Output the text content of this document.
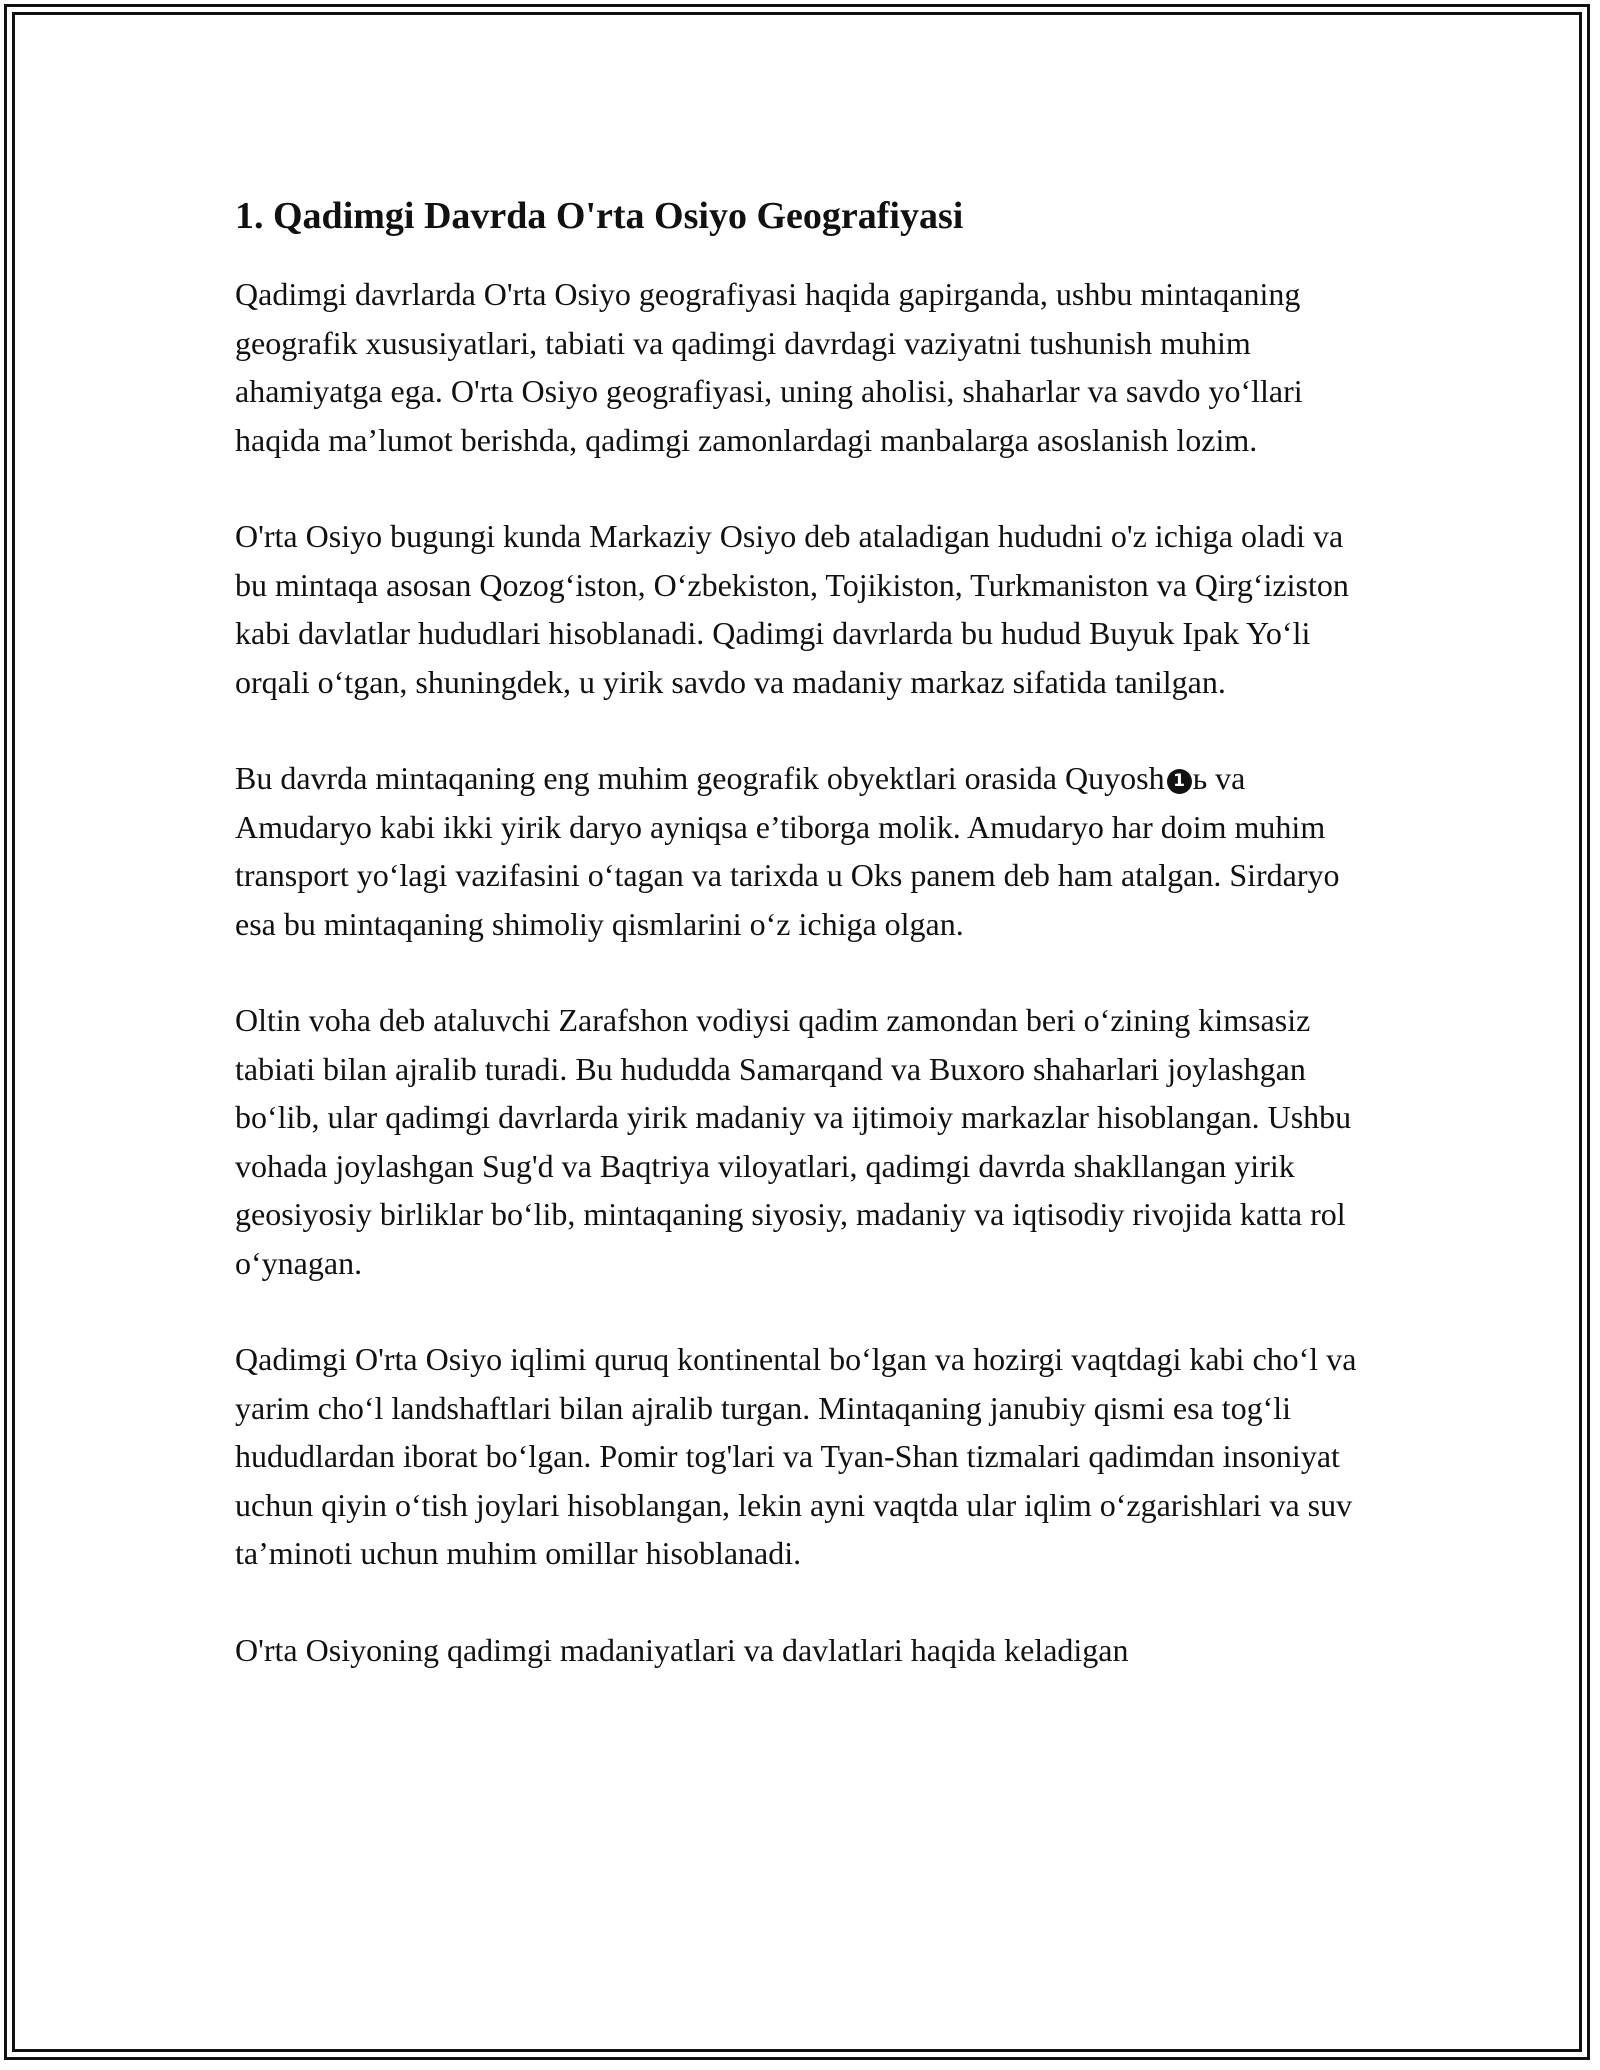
1. Qadimgi Davrda O'rta Osiyo Geografiyasi

Qadimgi davrlarda O'rta Osiyo geografiyasi haqida gapirganda, ushbu mintaqaning geografik xususiyatlari, tabiati va qadimgi davrdagi vaziyatni tushunish muhim ahamiyatga ega. O'rta Osiyo geografiyasi, uning aholisi, shaharlar va savdo yo‘llari haqida ma’lumot berishda, qadimgi zamonlardagi manbalarga asoslanish lozim.

O'rta Osiyo bugungi kunda Markaziy Osiyo deb ataladigan hududni o'z ichiga oladi va bu mintaqa asosan Qozog‘iston, O‘zbekiston, Tojikiston, Turkmaniston va Qirg‘iziston kabi davlatlar hududlari hisoblanadi. Qadimgi davrlarda bu hudud Buyuk Ipak Yo‘li orqali o‘tgan, shuningdek, u yirik savdo va madaniy markaz sifatida tanilgan.

Bu davrda mintaqaning eng muhim geografik obyektlari orasida Quyosh 1 ь va Amudaryo kabi ikki yirik daryo ayniqsa e’tiborga molik. Amudaryo har doim muhim transport yo‘lagi vazifasini o‘tagan va tarixda u Oks panem deb ham atalgan. Sirdaryo esa bu mintaqaning shimoliy qismlarini o‘z ichiga olgan.

Oltin voha deb ataluvchi Zarafshon vodiysi qadim zamondan beri o‘zining kimsasiz tabiati bilan ajralib turadi. Bu hududda Samarqand va Buxoro shaharlari joylashgan bo‘lib, ular qadimgi davrlarda yirik madaniy va ijtimoiy markazlar hisoblangan. Ushbu vohada joylashgan Sug'd va Baqtriya viloyatlari, qadimgi davrda shakllangan yirik geosiyosiy birliklar bo‘lib, mintaqaning siyosiy, madaniy va iqtisodiy rivojida katta rol o‘ynagan.

Qadimgi O'rta Osiyo iqlimi quruq kontinental bo‘lgan va hozirgi vaqtdagi kabi cho‘l va yarim cho‘l landshaftlari bilan ajralib turgan. Mintaqaning janubiy qismi esa tog‘li hududlardan iborat bo‘lgan. Pomir tog'lari va Tyan-Shan tizmalari qadimdan insoniyat uchun qiyin o‘tish joylari hisoblangan, lekin ayni vaqtda ular iqlim o‘zgarishlari va suv ta’minoti uchun muhim omillar hisoblanadi.

O'rta Osiyoning qadimgi madaniyatlari va davlatlari haqida keladigan
